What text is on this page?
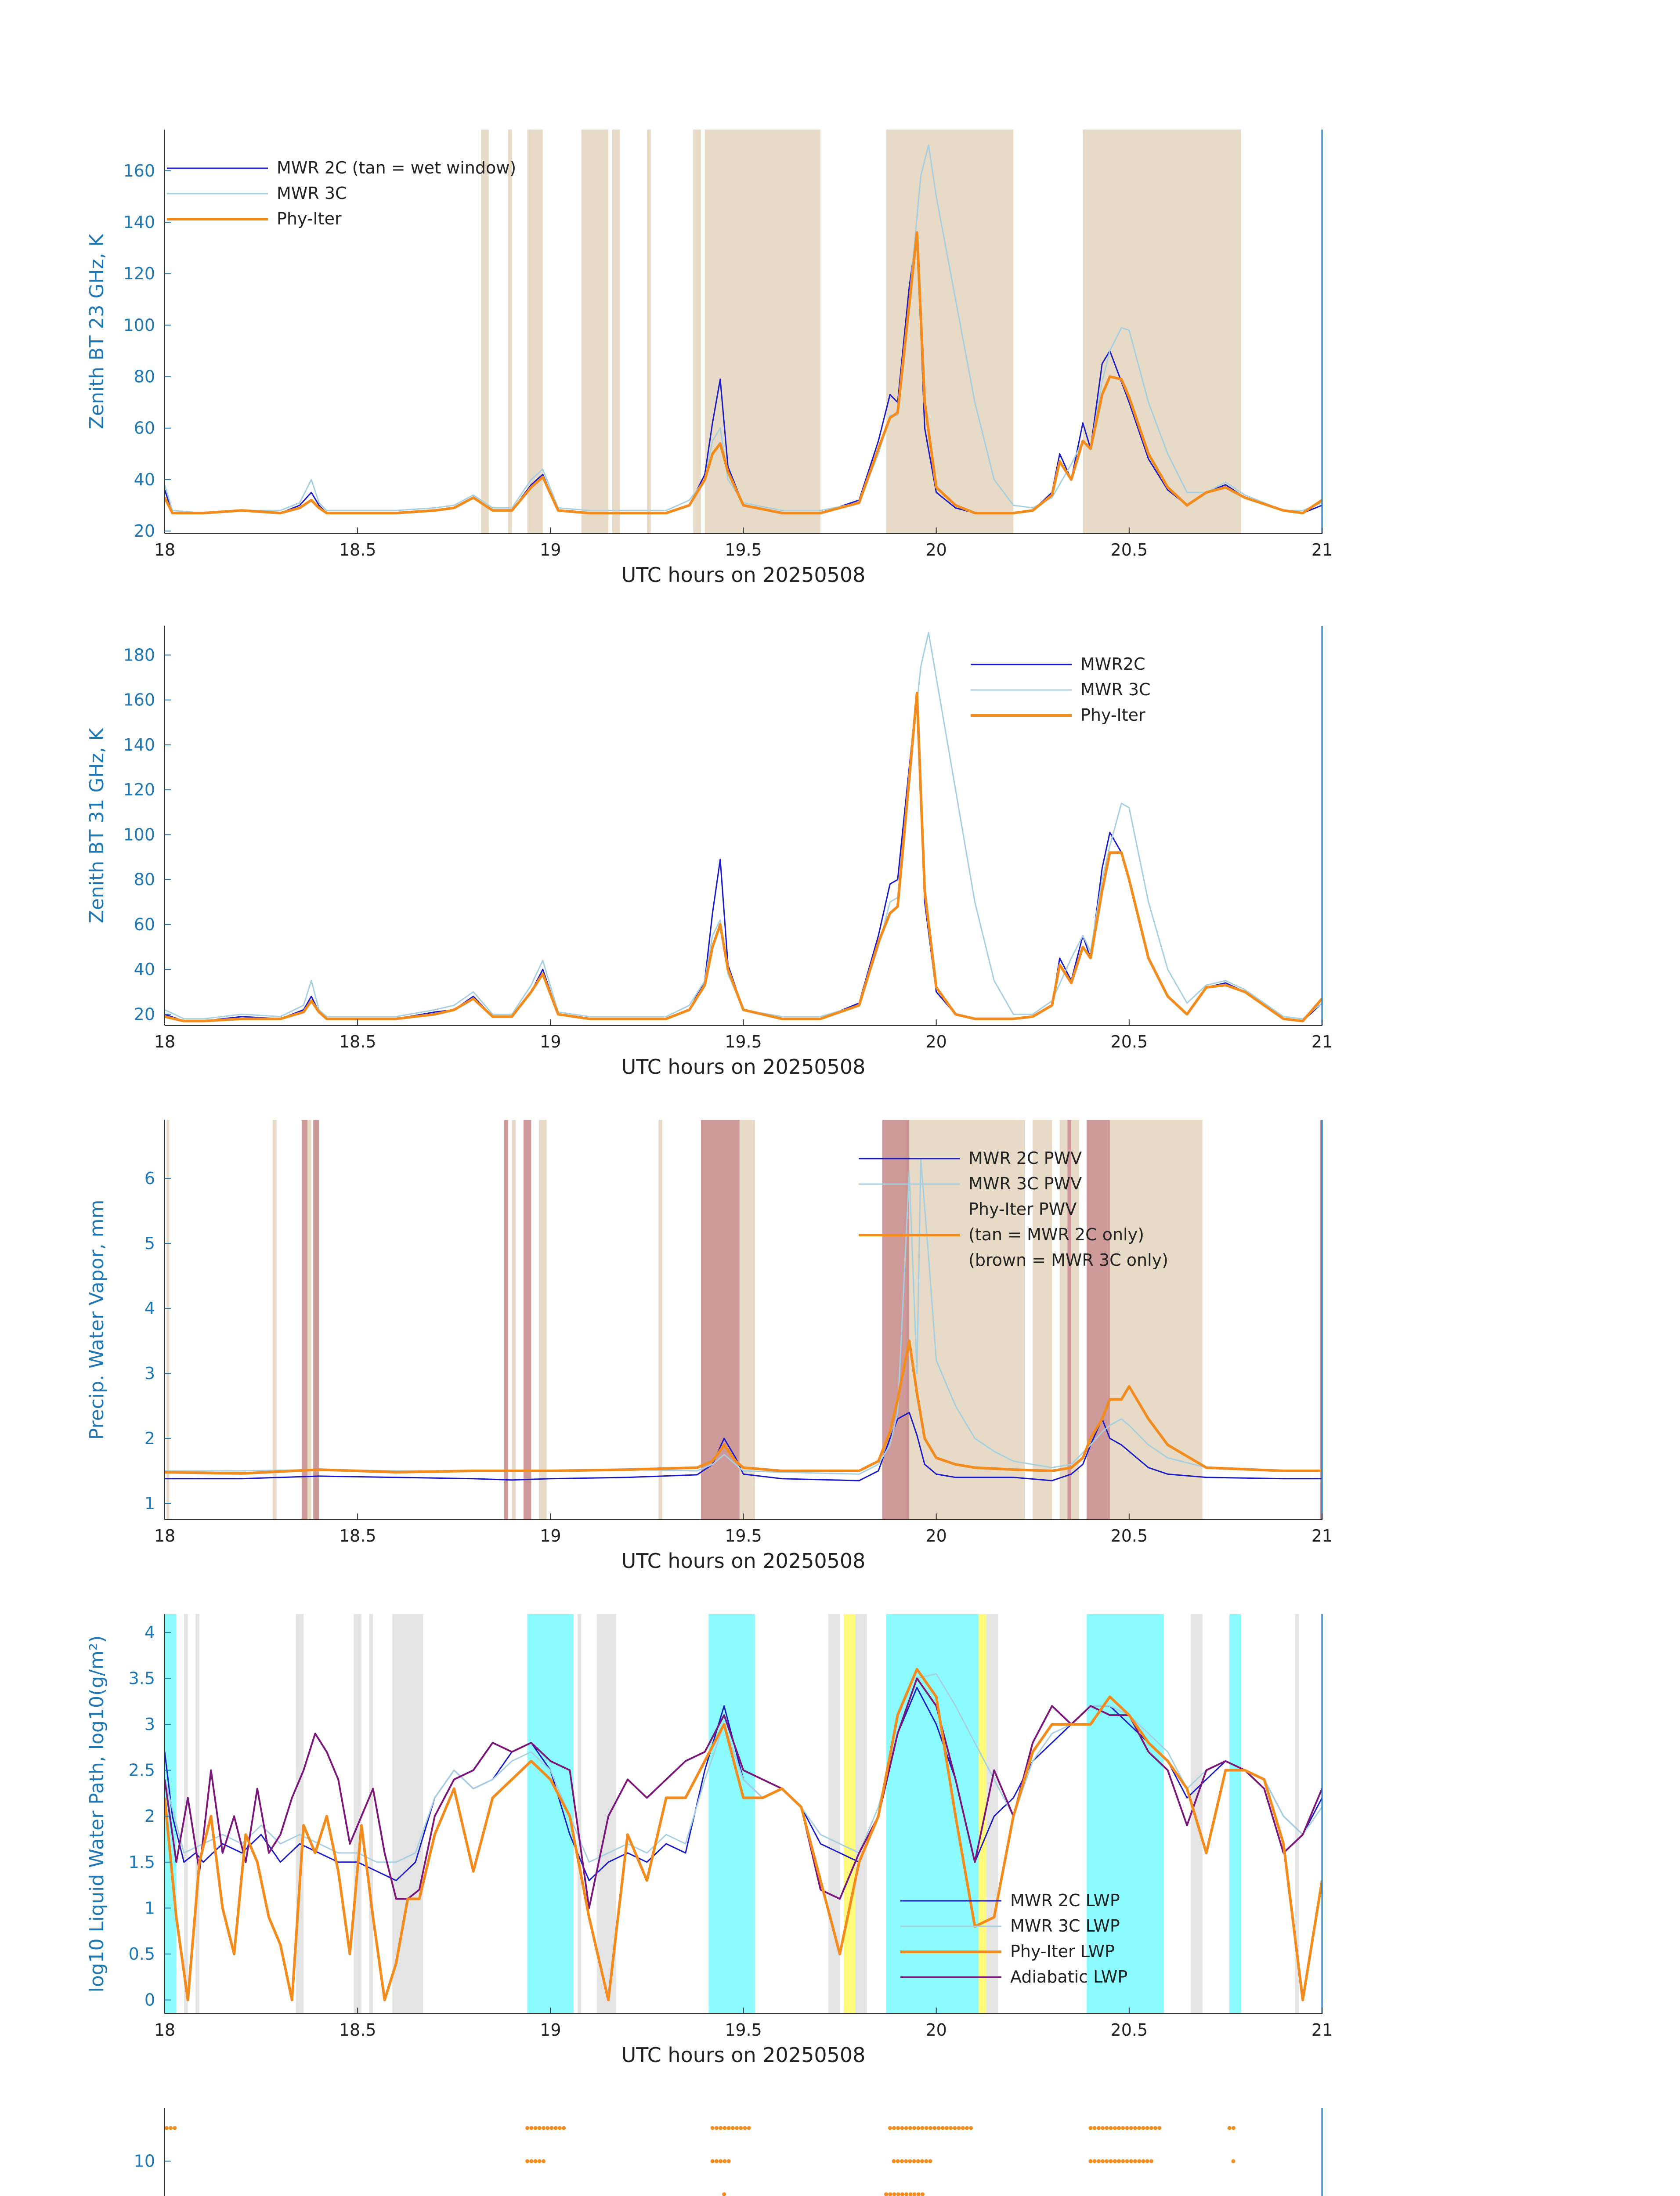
18	18.5	19	19.5	20	20.5	21
UTC hours on 20250508
20
40
60
80
100
120
140
160
Zenith BT 23 GHz, K
MWR 2C (tan = wet window)
MWR 3C
Phy-Iter
18	18.5	19	19.5	20	20.5	21
UTC hours on 20250508
20
40
60
80
100
120
140
160
180
Zenith BT 31 GHz, K
MWR2C
MWR 3C
Phy-Iter
18	18.5	19	19.5	20	20.5	21
UTC hours on 20250508
1
2
3
4
5
6
Precip. Water Vapor, mm
MWR 2C PWV
MWR 3C PWV
Phy-Iter PWV
(tan = MWR 2C only)
(brown = MWR 3C only)
18	18.5	19	19.5	20	20.5	21
UTC hours on 20250508
0
0.5
1
1.5
2
2.5
3
3.5
4
log10 Liquid Water Path, log10(g/m²)	MWR 2C LWP
MWR 3C LWP
Phy-Iter LWP
Adiabatic LWP
10
